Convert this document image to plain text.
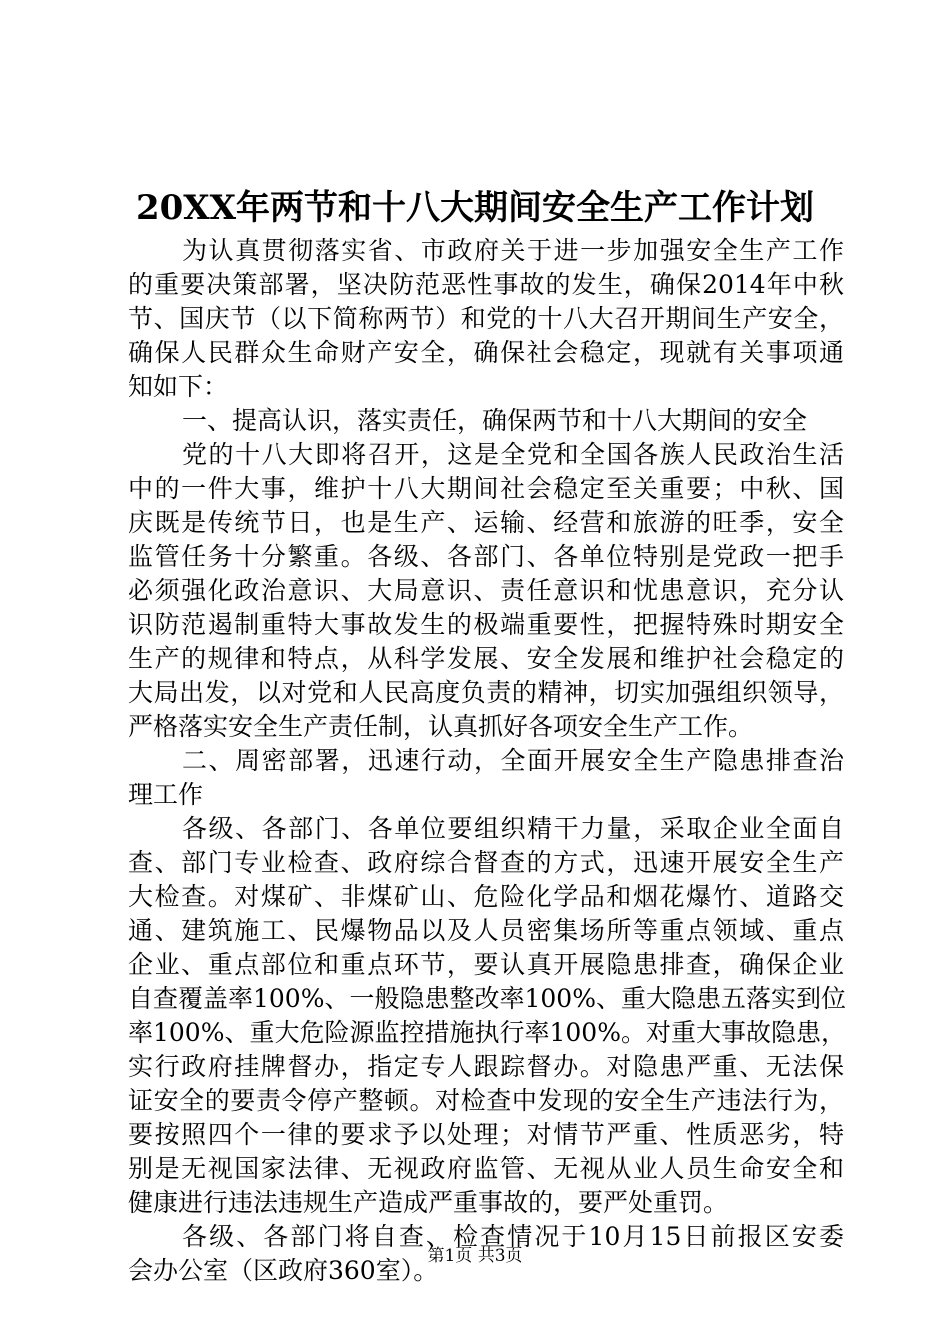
20XX年两节和十八大期间安全生产工作计划
为认真贯彻落实省、市政府关于进一步加强安全生产工作
的重要决策部署，坚决防范恶性事故的发生，确保2014年中秋
节、国庆节（以下简称两节）和党的十八大召开期间生产安全，
确保人民群众生命财产安全，确保社会稳定，现就有关事项通
知如下：
一、提高认识，落实责任，确保两节和十八大期间的安全
党的十八大即将召开，这是全党和全国各族人民政治生活
中的一件大事，维护十八大期间社会稳定至关重要；中秋、国
庆既是传统节日，也是生产、运输、经营和旅游的旺季，安全
监管任务十分繁重。各级、各部门、各单位特别是党政一把手
必须强化政治意识、大局意识、责任意识和忧患意识，充分认
识防范遏制重特大事故发生的极端重要性，把握特殊时期安全
生产的规律和特点，从科学发展、安全发展和维护社会稳定的
大局出发，以对党和人民高度负责的精神，切实加强组织领导，
严格落实安全生产责任制，认真抓好各项安全生产工作。
二、周密部署，迅速行动，全面开展安全生产隐患排查治
理工作
各级、各部门、各单位要组织精干力量，采取企业全面自
查、部门专业检查、政府综合督查的方式，迅速开展安全生产
大检查。对煤矿、非煤矿山、危险化学品和烟花爆竹、道路交
通、建筑施工、民爆物品以及人员密集场所等重点领域、重点
企业、重点部位和重点环节，要认真开展隐患排查，确保企业
自查覆盖率100%、一般隐患整改率100%、重大隐患五落实到位
率100%、重大危险源监控措施执行率100%。对重大事故隐患，
实行政府挂牌督办，指定专人跟踪督办。对隐患严重、无法保
证安全的要责令停产整顿。对检查中发现的安全生产违法行为，
要按照四个一律的要求予以处理；对情节严重、性质恶劣，特
别是无视国家法律、无视政府监管、无视从业人员生命安全和
健康进行违法违规生产造成严重事故的，要严处重罚。
各级、各部门将自查、检查情况于10月15日前报区安委
会办公室（区政府360室）。
第1页 共3页
